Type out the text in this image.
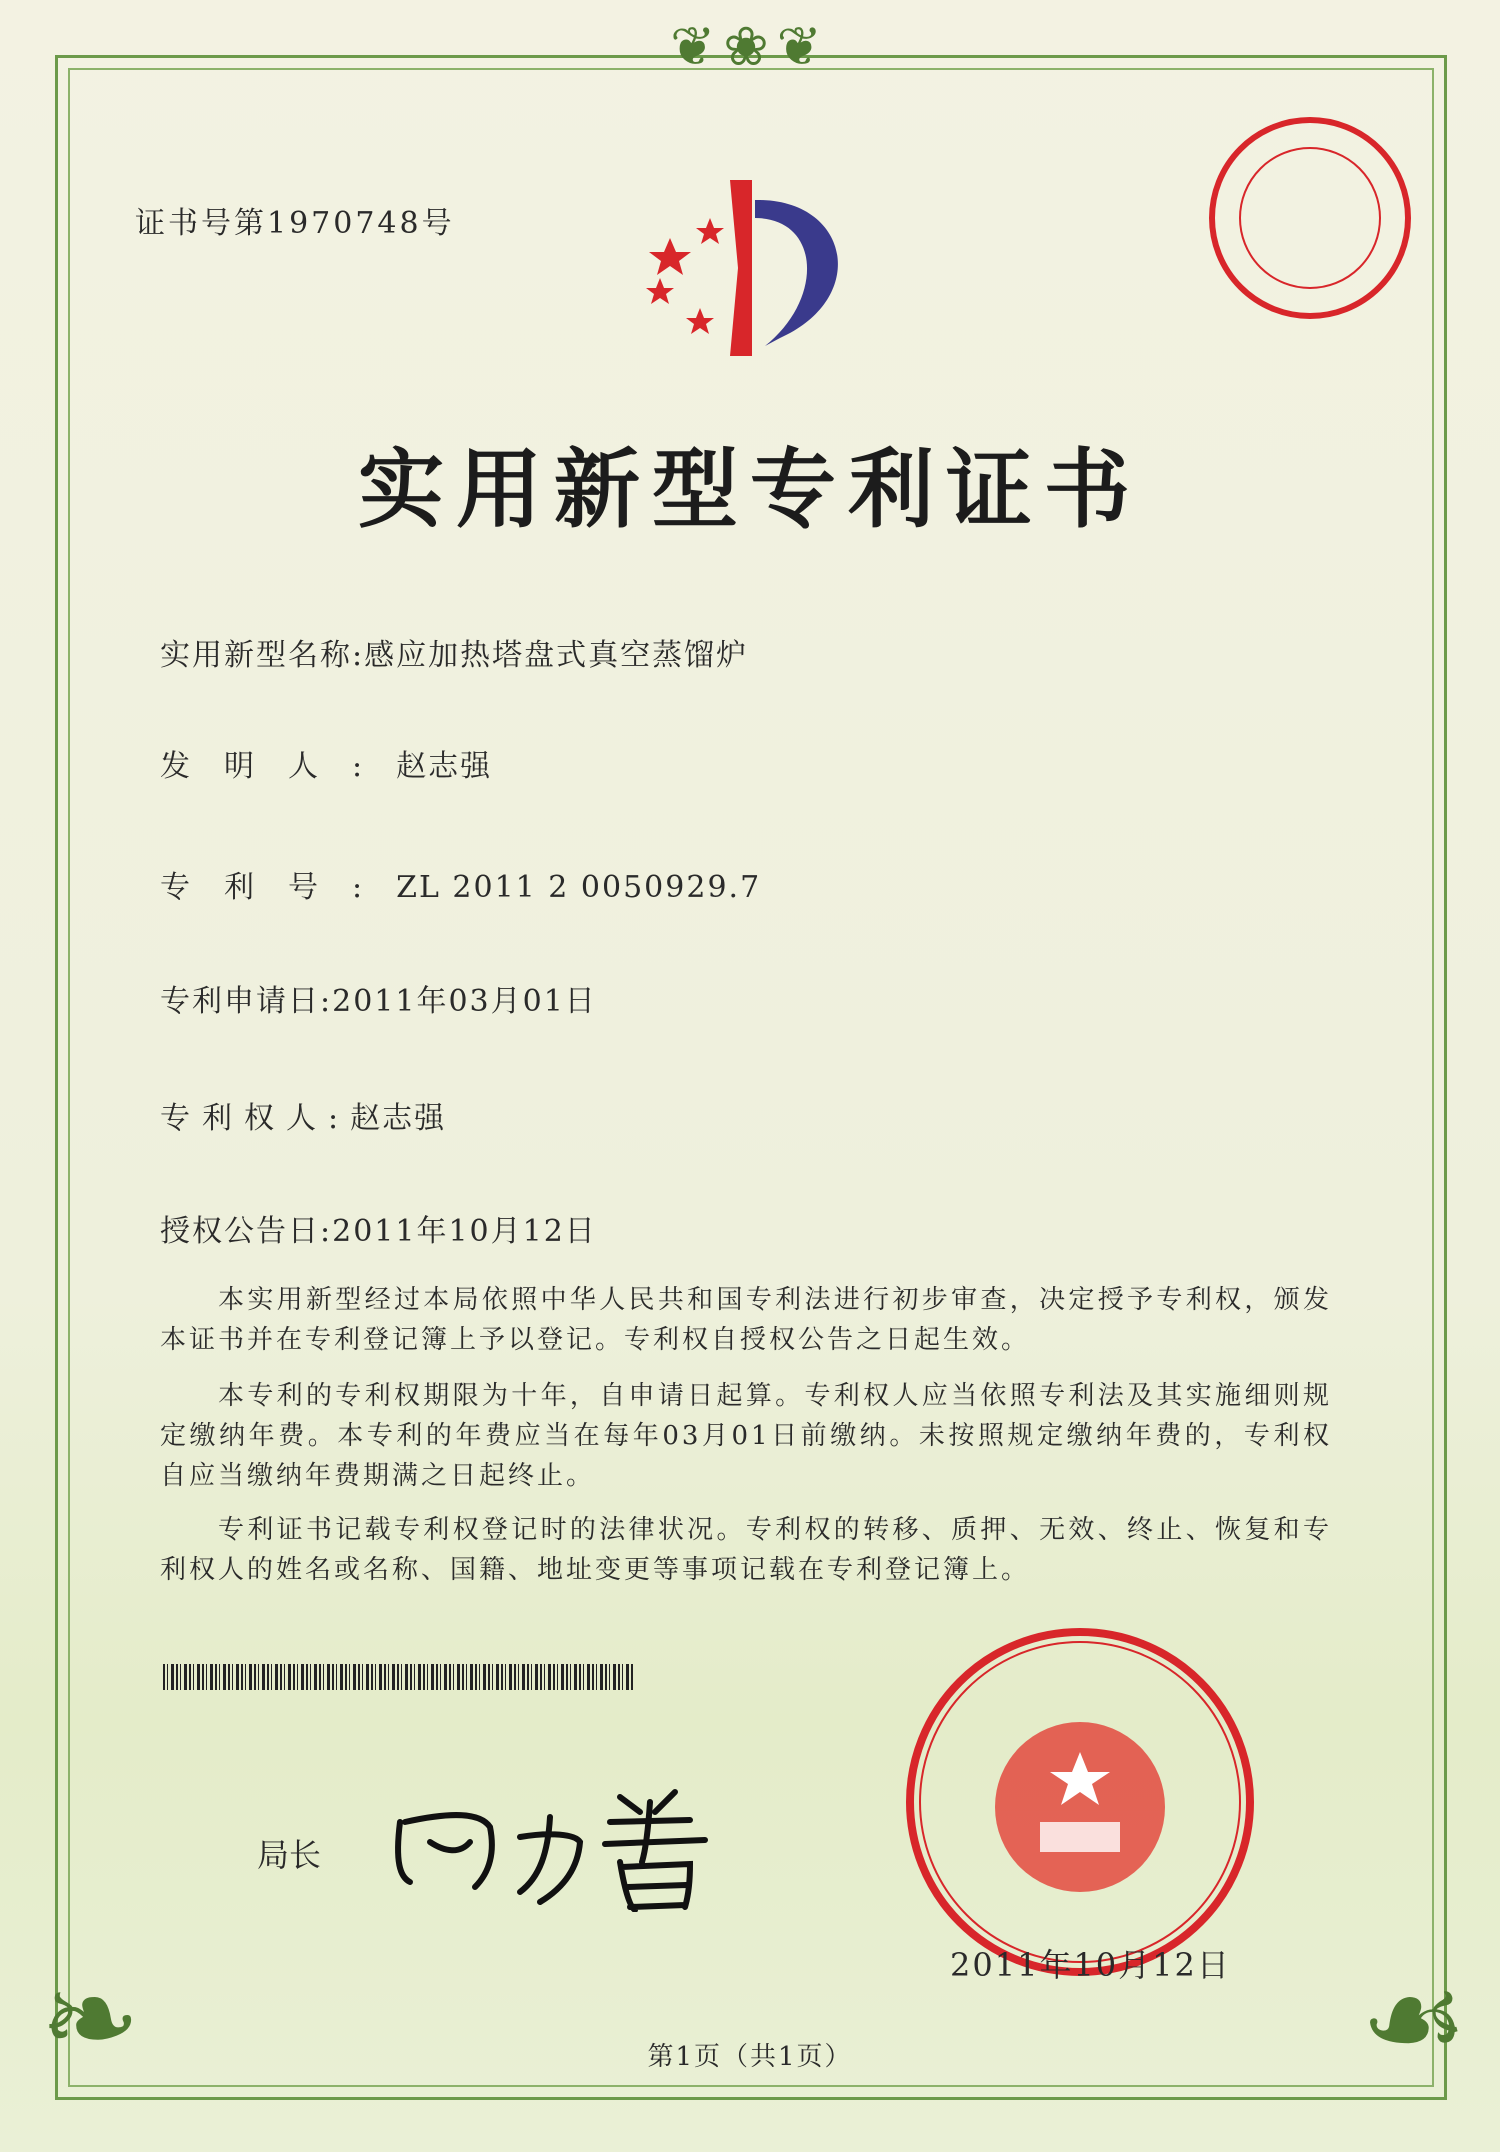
❦❀❦
❧	☙
证书号第1970748号
实用新型专利证书
实用新型名称:感应加热塔盘式真空蒸馏炉
发明人:赵志强
专利号:ZL 2011 2 0050929.7
专利申请日:2011年03月01日
专利权人:赵志强
授权公告日:2011年10月12日
本实用新型经过本局依照中华人民共和国专利法进行初步审查，决定授予专利权，颁发本证书并在专利登记簿上予以登记。专利权自授权公告之日起生效。
本专利的专利权期限为十年，自申请日起算。专利权人应当依照专利法及其实施细则规定缴纳年费。本专利的年费应当在每年03月01日前缴纳。未按照规定缴纳年费的，专利权自应当缴纳年费期满之日起终止。
专利证书记载专利权登记时的法律状况。专利权的转移、质押、无效、终止、恢复和专利权人的姓名或名称、国籍、地址变更等事项记载在专利登记簿上。
局长
2011年10月12日
第1页（共1页）
